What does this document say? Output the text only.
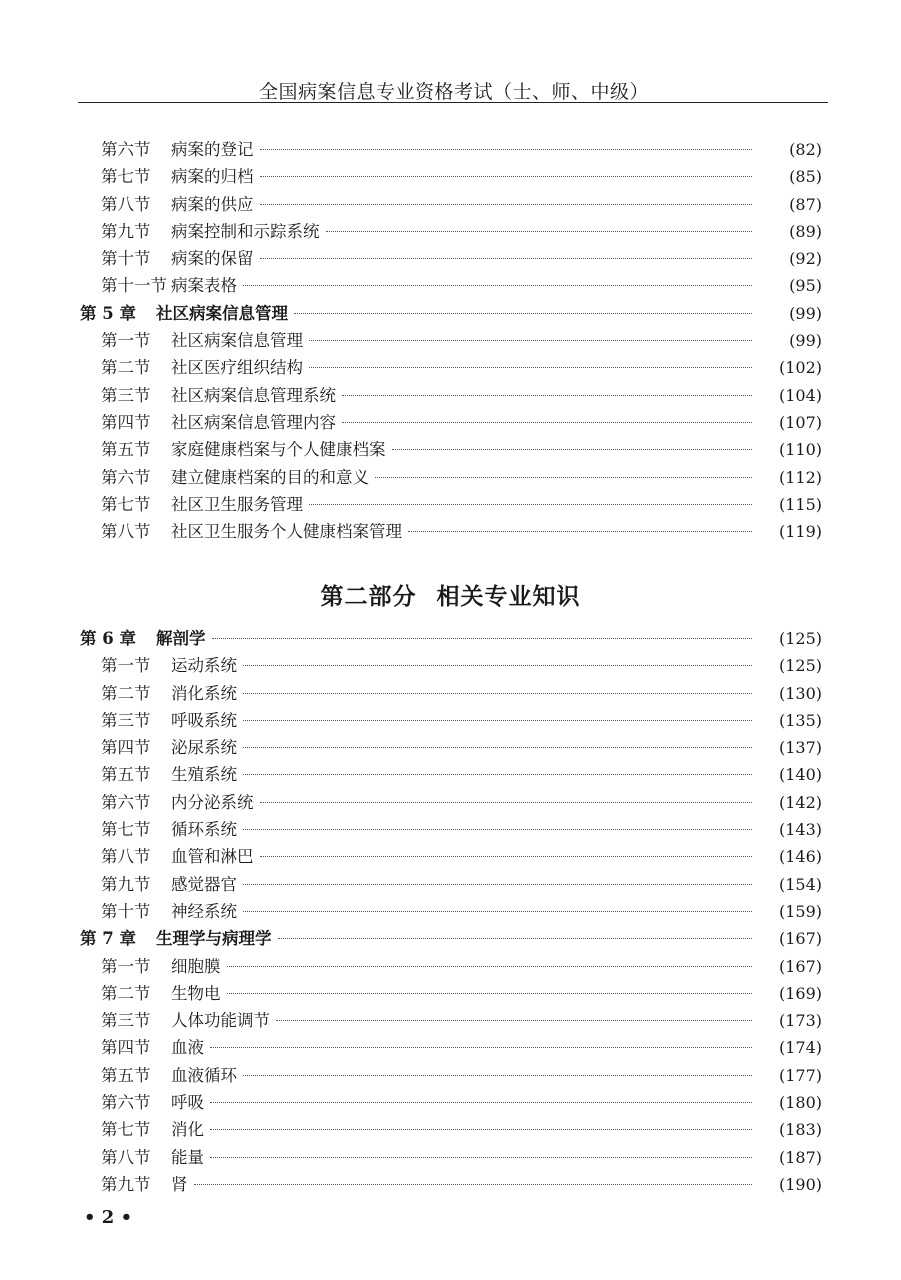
全国病案信息专业资格考试（士、师、中级）
第六节	病案的登记	(82)
第七节	病案的归档	(85)
第八节	病案的供应	(87)
第九节	病案控制和示踪系统	(89)
第十节	病案的保留	(92)
第十一节 病案表格	(95)
第 5 章	社区病案信息管理	(99)
第一节	社区病案信息管理	(99)
第二节	社区医疗组织结构	(102)
第三节	社区病案信息管理系统	(104)
第四节	社区病案信息管理内容	(107)
第五节	家庭健康档案与个人健康档案	(110)
第六节	建立健康档案的目的和意义	(112)
第七节	社区卫生服务管理	(115)
第八节	社区卫生服务个人健康档案管理	(119)
第二部分 相关专业知识
第 6 章	解剖学	(125)
第一节	运动系统	(125)
第二节	消化系统	(130)
第三节	呼吸系统	(135)
第四节	泌尿系统	(137)
第五节	生殖系统	(140)
第六节	内分泌系统	(142)
第七节	循环系统	(143)
第八节	血管和淋巴	(146)
第九节	感觉器官	(154)
第十节	神经系统	(159)
第 7 章	生理学与病理学	(167)
第一节	细胞膜	(167)
第二节	生物电	(169)
第三节	人体功能调节	(173)
第四节	血液	(174)
第五节	血液循环	(177)
第六节	呼吸	(180)
第七节	消化	(183)
第八节	能量	(187)
第九节	肾	(190)
• 2 •
